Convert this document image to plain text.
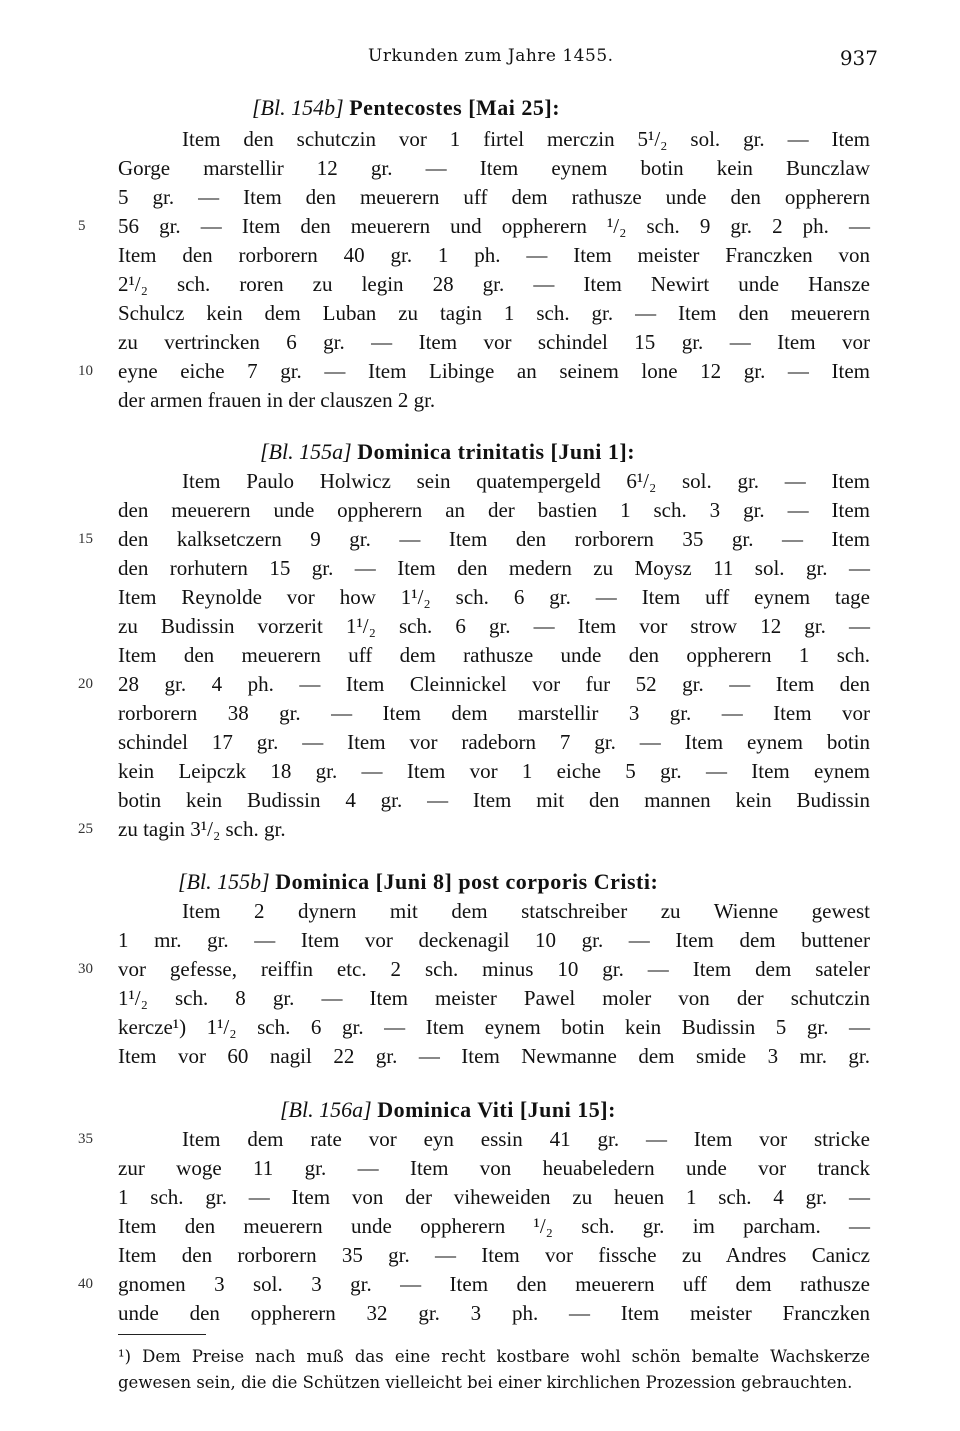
Urkunden zum Jahre 1455.	937
[Bl. 154b] Pentecostes [Mai 25]:
Item den schutczin vor 1 firtel merczin 5¹/₂ sol. gr. — Item
Gorge marstellir 12 gr. — Item eynem botin kein Bunczlaw
5 gr. — Item den meuerern uff dem rathusze unde den oppherern
56 gr. — Item den meuerern und oppherern ¹/₂ sch. 9 gr. 2 ph. —
Item den rorborern 40 gr. 1 ph. — Item meister Franczken von
2¹/₂ sch. roren zu legin 28 gr. — Item Newirt unde Hansze
Schulcz kein dem Luban zu tagin 1 sch. gr. — Item den meuerern
zu vertrincken 6 gr. — Item vor schindel 15 gr. — Item vor
eyne eiche 7 gr. — Item Libinge an seinem lone 12 gr. — Item
der armen frauen in der clauszen 2 gr.
[Bl. 155a] Dominica trinitatis [Juni 1]:
Item Paulo Holwicz sein quatempergeld 6¹/₂ sol. gr. — Item
den meuerern unde oppherern an der bastien 1 sch. 3 gr. — Item
den kalksetczern 9 gr. — Item den rorborern 35 gr. — Item
den rorhutern 15 gr. — Item den medern zu Moysz 11 sol. gr. —
Item Reynolde vor how 1¹/₂ sch. 6 gr. — Item uff eynem tage
zu Budissin vorzerit 1¹/₂ sch. 6 gr. — Item vor strow 12 gr. —
Item den meuerern uff dem rathusze unde den oppherern 1 sch.
28 gr. 4 ph. — Item Cleinnickel vor fur 52 gr. — Item den
rorborern 38 gr. — Item dem marstellir 3 gr. — Item vor
schindel 17 gr. — Item vor radeborn 7 gr. — Item eynem botin
kein Leipczk 18 gr. — Item vor 1 eiche 5 gr. — Item eynem
botin kein Budissin 4 gr. — Item mit den mannen kein Budissin
zu tagin 3¹/₂ sch. gr.
[Bl. 155b] Dominica [Juni 8] post corporis Cristi:
Item 2 dynern mit dem statschreiber zu Wienne gewest
1 mr. gr. — Item vor deckenagil 10 gr. — Item dem buttener
vor gefesse, reiffin etc. 2 sch. minus 10 gr. — Item dem sateler
1¹/₂ sch. 8 gr. — Item meister Pawel moler von der schutczin
kercze¹) 1¹/₂ sch. 6 gr. — Item eynem botin kein Budissin 5 gr. —
Item vor 60 nagil 22 gr. — Item Newmanne dem smide 3 mr. gr.
[Bl. 156a] Dominica Viti [Juni 15]:
Item dem rate vor eyn essin 41 gr. — Item vor stricke
zur woge 11 gr. — Item von heuabeledern unde vor tranck
1 sch. gr. — Item von der viheweiden zu heuen 1 sch. 4 gr. —
Item den meuerern unde oppherern ¹/₂ sch. gr. im parcham. —
Item den rorborern 35 gr. — Item vor fissche zu Andres Canicz
gnomen 3 sol. 3 gr. — Item den meuerern uff dem rathusze
unde den oppherern 32 gr. 3 ph. — Item meister Franczken
5
10
15
20
25
30
35
40
¹) Dem Preise nach muß das eine recht kostbare wohl schön bemalte Wachskerze
gewesen sein, die die Schützen vielleicht bei einer kirchlichen Prozession gebrauchten.
